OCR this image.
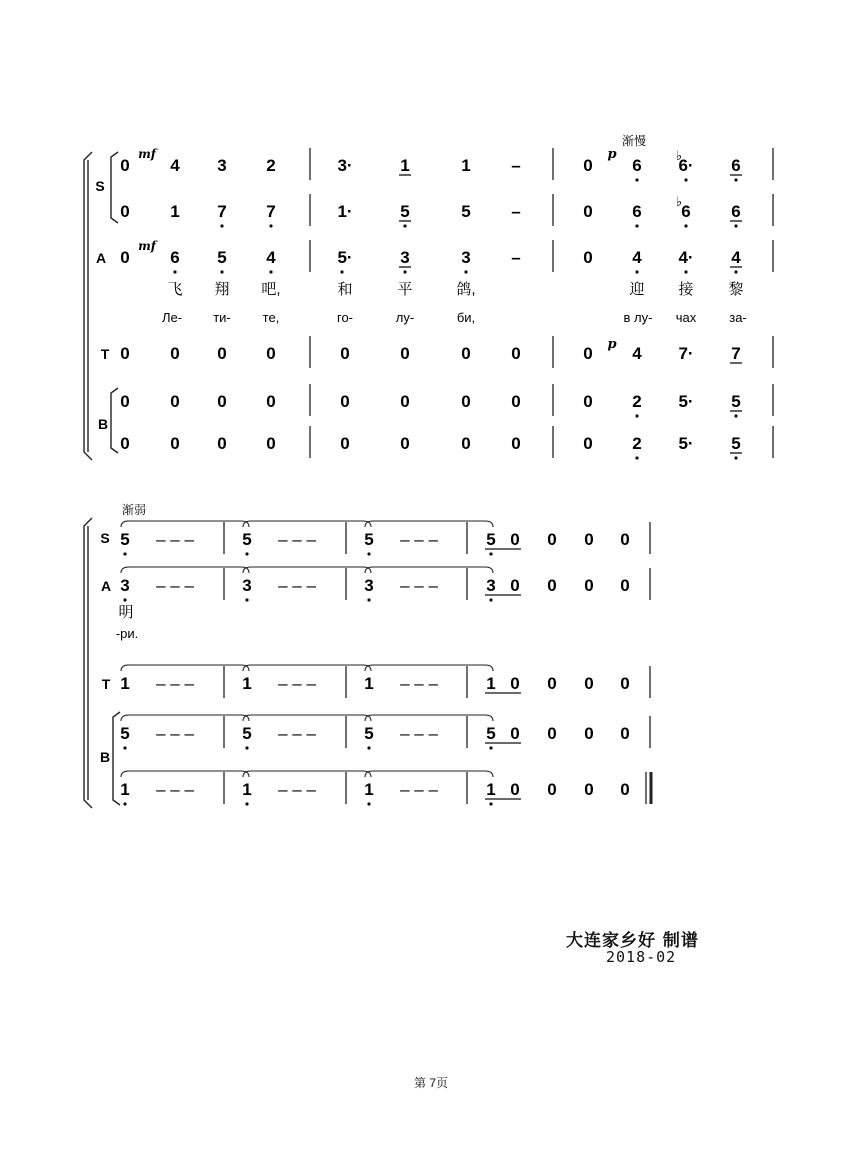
S
A
T
B
渐慢
mf
mf
p
p
♭
♭
0 4 3 2	3·	1	1 –	0 6 6· 6
0 1 7 7	1·	5	5 –	0 6 6 6
0 6 5 4	5·	3	3 –	0 4 4· 4
0 0 0 0	0	0	0 0	0 4 7· 7
0 0 0 0	0	0	0 0	0 2 5· 5
0 0 0 0	0	0	0 0	0 2 5· 5
飞 翔 吧,	和	平	鸽,	迎 接 黎
Ле- ти- те,	го-	лу-	би,	в лу- чах	за-
S
A
T
B
渐弱
5 – – –	5 – – –	5 – – –	5 0 0 0 0
3 – – –	3 – – –	3 – – –	3 0 0 0 0
1 – – –	1 – – –	1 – – –	1 0 0 0 0
5 – – –	5 – – –	5 – – –	5 0 0 0 0
1 – – –	1 – – –	1 – – –	1 0 0 0 0
明
-ри.
大连家乡好 制谱
2018-02
第 7页
